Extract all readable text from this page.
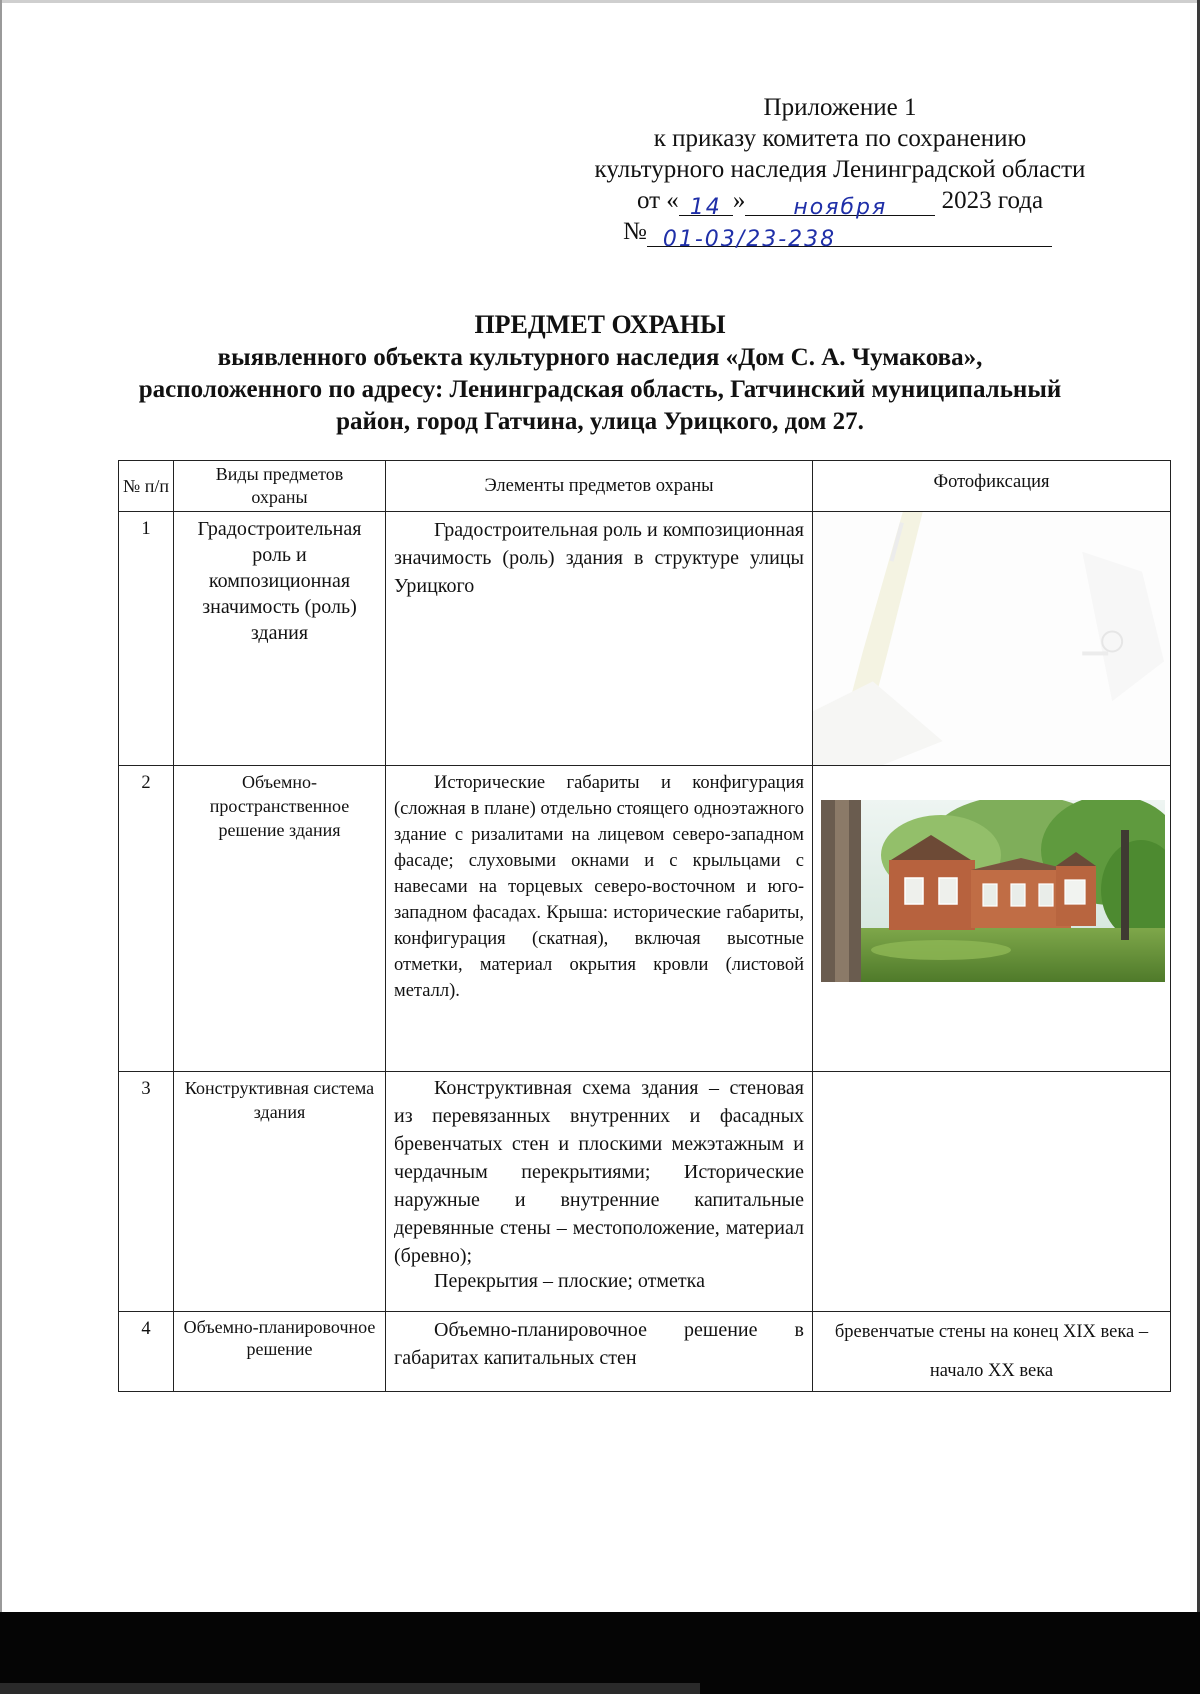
Приложение 1
к приказу комитета по сохранению
культурного наследия Ленинградской области
от « 14 » ноября 2023 года
№ 01-03/23-238
ПРЕДМЕТ ОХРАНЫ
выявленного объекта культурного наследия «Дом С. А. Чумакова», расположенного по адресу: Ленинградская область, Гатчинский муниципальный район, город Гатчина, улица Урицкого, дом 27.
№ п/п	Виды предметов охраны	Элементы предметов охраны	Фотофиксация
1	Градостроительная роль и композиционная значимость (роль) здания	Градостроительная роль и композиционная значимость (роль) здания в структуре улицы Урицкого

2	Объемно-пространственное решение здания	Исторические габариты и конфигурация (сложная в плане) отдельно стоящего одноэтажного здание с ризалитами на лицевом северо-западном фасаде; слуховыми окнами и с крыльцами с навесами на торцевых северо-восточном и юго-западном фасадах. Крыша: исторические габариты, конфигурация (скатная), включая высотные отметки, материал окрытия кровли (листовой металл).

3	Конструктивная система здания	Конструктивная схема здания – стеновая из перевязанных внутренних и фасадных бревенчатых стен и плоскими межэтажным и чердачным перекрытиями; Исторические наружные и внутренние капитальные деревянные стены – местоположение, материал (бревно);

Перекрытия – плоские; отметка	

4	Объемно-планировочное решение	Объемно-планировочное решение в габаритах капитальных стен	бревенчатые стены на конец XIX века – начало XX века
